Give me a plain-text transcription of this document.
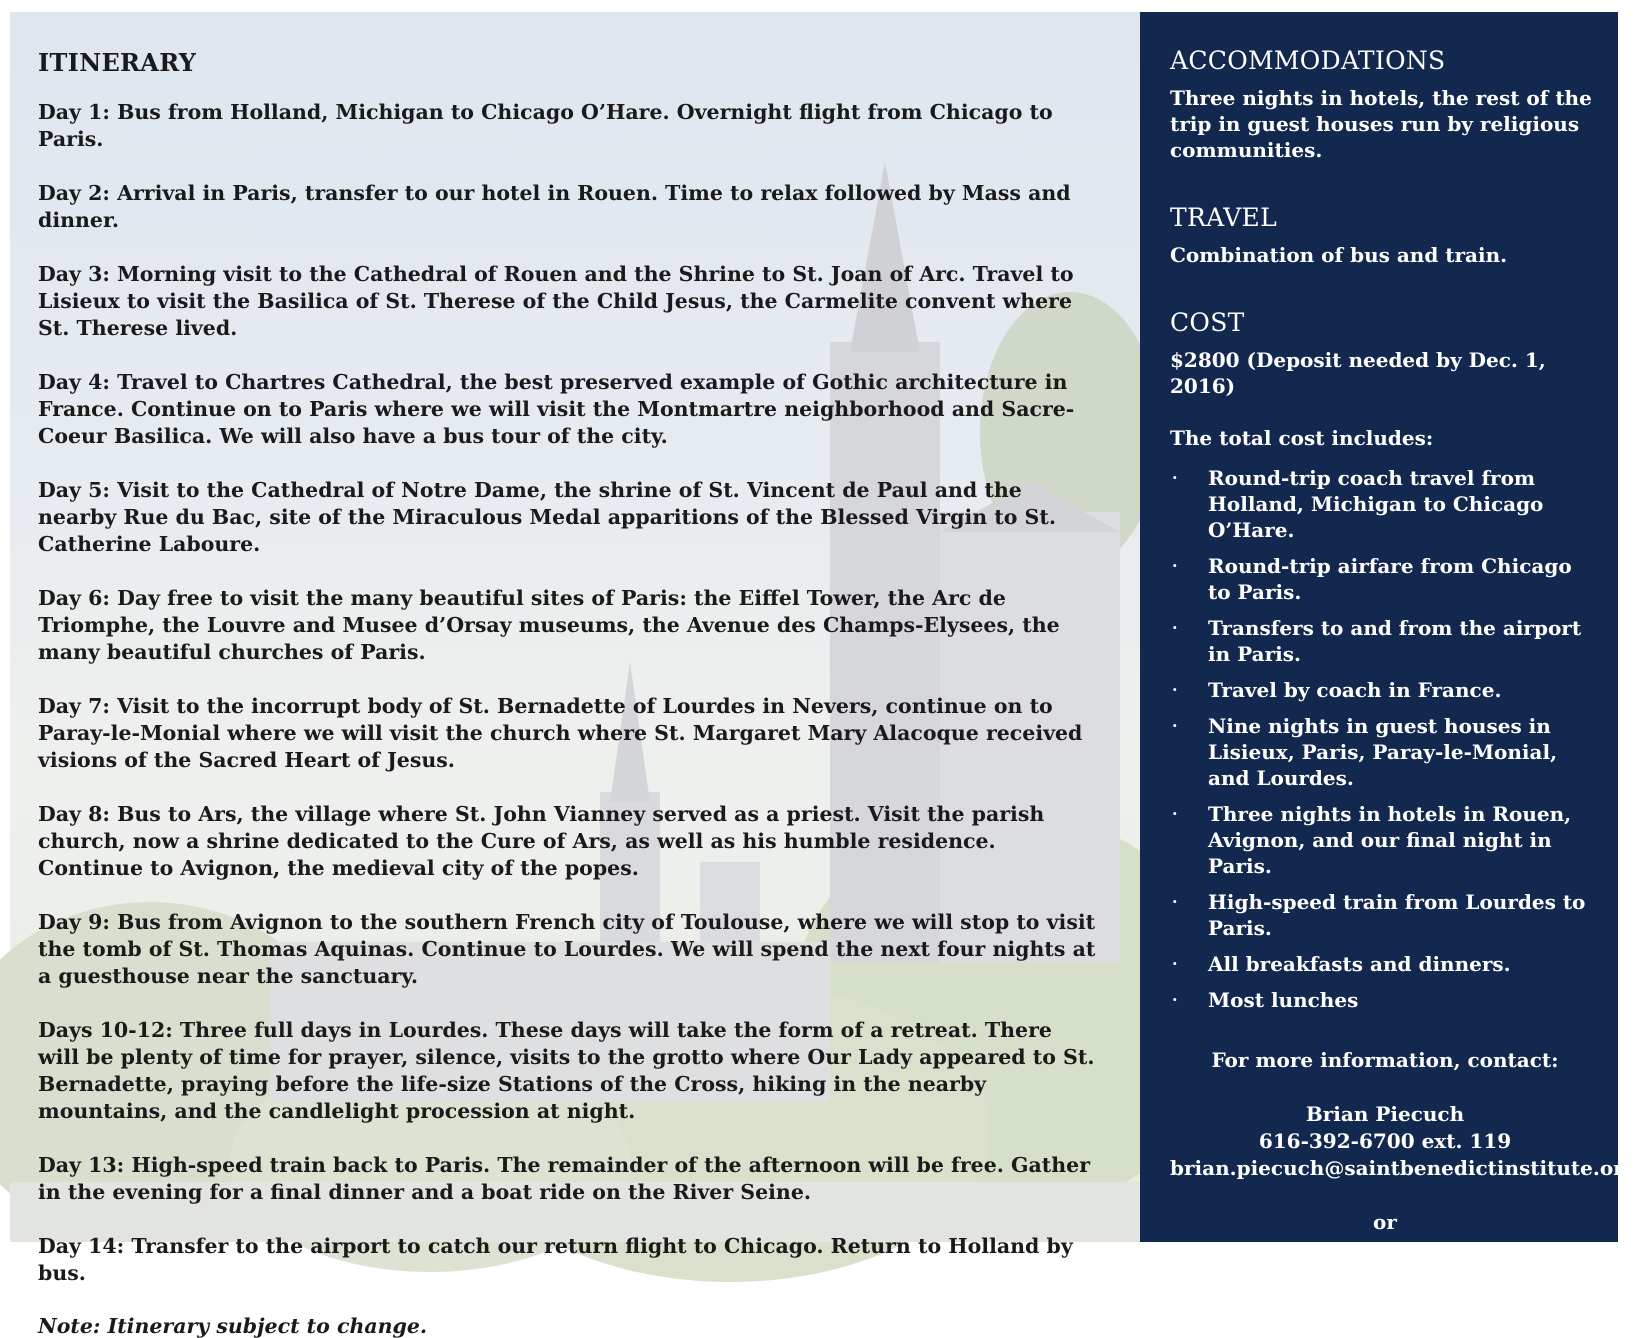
ITINERARY

Day 1: Bus from Holland, Michigan to Chicago O’Hare. Overnight flight from Chicago to Paris.

Day 2: Arrival in Paris, transfer to our hotel in Rouen. Time to relax followed by Mass and dinner.

Day 3: Morning visit to the Cathedral of Rouen and the Shrine to St. Joan of Arc. Travel to Lisieux to visit the Basilica of St. Therese of the Child Jesus, the Carmelite convent where St. Therese lived.

Day 4: Travel to Chartres Cathedral, the best preserved example of Gothic architecture in France. Continue on to Paris where we will visit the Montmartre neighborhood and Sacre-Coeur Basilica. We will also have a bus tour of the city.

Day 5: Visit to the Cathedral of Notre Dame, the shrine of St. Vincent de Paul and the nearby Rue du Bac, site of the Miraculous Medal apparitions of the Blessed Virgin to St. Catherine Laboure.

Day 6: Day free to visit the many beautiful sites of Paris: the Eiffel Tower, the Arc de Triomphe, the Louvre and Musee d’Orsay museums, the Avenue des Champs-Elysees, the many beautiful churches of Paris.

Day 7: Visit to the incorrupt body of St. Bernadette of Lourdes in Nevers, continue on to Paray-le-Monial where we will visit the church where St. Margaret Mary Alacoque received visions of the Sacred Heart of Jesus.

Day 8: Bus to Ars, the village where St. John Vianney served as a priest. Visit the parish church, now a shrine dedicated to the Cure of Ars, as well as his humble residence. Continue to Avignon, the medieval city of the popes.

Day 9: Bus from Avignon to the southern French city of Toulouse, where we will stop to visit the tomb of St. Thomas Aquinas. Continue to Lourdes. We will spend the next four nights at a guesthouse near the sanctuary.

Days 10-12: Three full days in Lourdes. These days will take the form of a retreat. There will be plenty of time for prayer, silence, visits to the grotto where Our Lady appeared to St. Bernadette, praying before the life-size Stations of the Cross, hiking in the nearby mountains, and the candlelight procession at night.

Day 13: High-speed train back to Paris. The remainder of the afternoon will be free. Gather in the evening for a final dinner and a boat ride on the River Seine.

Day 14: Transfer to the airport to catch our return flight to Chicago. Return to Holland by bus.

Note: Itinerary subject to change.
ACCOMMODATIONS

Three nights in hotels, the rest of the trip in guest houses run by religious communities.

TRAVEL

Combination of bus and train.

COST

$2800 (Deposit needed by Dec. 1, 2016)

The total cost includes:

· Round-trip coach travel from Holland, Michigan to Chicago O’Hare.
· Round-trip airfare from Chicago to Paris.
· Transfers to and from the airport in Paris.
· Travel by coach in France.
· Nine nights in guest houses in Lisieux, Paris, Paray-le-Monial, and Lourdes.
· Three nights in hotels in Rouen, Avignon, and our final night in Paris.
· High-speed train from Lourdes to Paris.
· All breakfasts and dinners.
· Most lunches
For more information, contact:
Brian Piecuch
616-392-6700 ext. 119
brian.piecuch@saintbenedictinstitute.org
or
Father Bill Vander Werff
bvanderwerff@stfrancisholland.org
